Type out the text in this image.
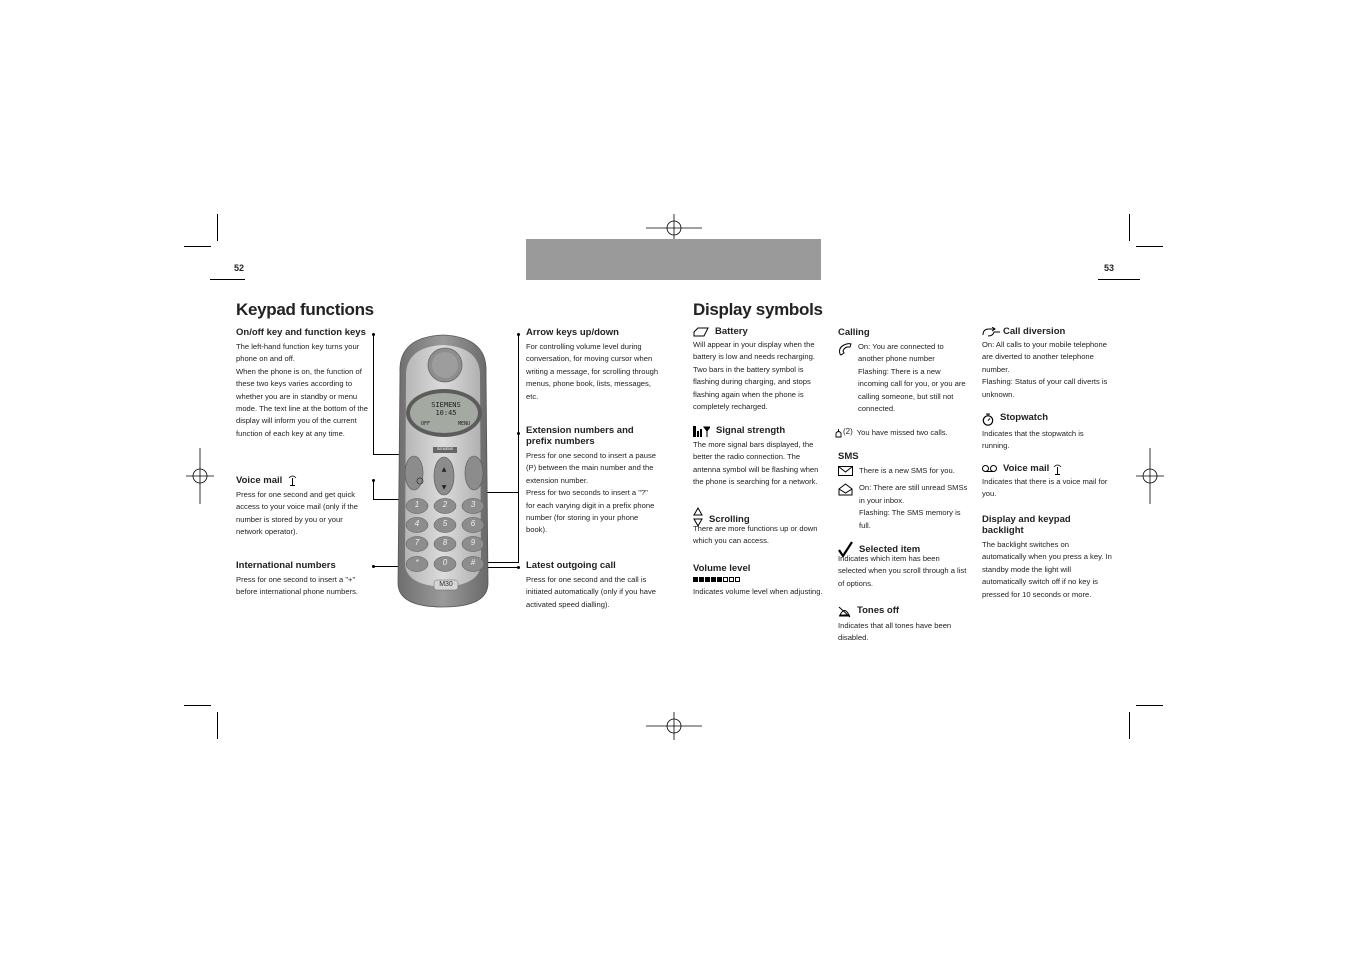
52	53
Keypad functions	Display symbols
On/off key and function keys

The left-hand function key turns your phone on and off.
When the phone is on, the function of these two keys varies according to whether you are in standby or menu mode. The text line at the bottom of the display will inform you of the current function of each key at any time.

Voice mail

Press for one second and get quick access to your voice mail (only if the number is stored by you or your network operator).

International numbers

Press for one second to insert a "+" before international phone numbers.

Arrow keys up/down

For controlling volume level during conversation, for moving cursor when writing a message, for scrolling through menus, phone book, lists, messages, etc.

Extension numbers and prefix numbers

Press for one second to insert a pause (P) between the main number and the extension number.
Press for two seconds to insert a "?" for each varying digit in a prefix phone number (for storing in your phone book).

Latest outgoing call

Press for one second and the call is initiated automatically (only if you have activated speed dialling).

▲
▼
SIEMENS
10:45
OFF	MENU
SIEMENS
M30
1	2	3
4	5	6
7	8	9
*	0	#
Battery

Will appear in your display when the battery is low and needs recharging. Two bars in the battery symbol is flashing during charging, and stops flashing again when the phone is completely recharged.

Signal strength

The more signal bars displayed, the better the radio connection. The antenna symbol will be flashing when the phone is searching for a network.

Scrolling

There are more functions up or down which you can access.

Volume level

Indicates volume level when adjusting.

Calling

On: You are connected to another phone number
Flashing: There is a new incoming call for you, or you are calling someone, but still not connected.

(2) You have missed two calls.

SMS

There is a new SMS for you.

On: There are still unread SMSs in your inbox.
Flashing: The SMS memory is full.

Selected item

Indicates which item has been selected when you scroll through a list of options.

Tones off

Indicates that all tones have been disabled.

Call diversion

On: All calls to your mobile telephone are diverted to another telephone number.
Flashing: Status of your call diverts is unknown.

Stopwatch

Indicates that the stopwatch is running.

Voice mail

Indicates that there is a voice mail for you.

Display and keypad backlight

The backlight switches on automatically when you press a key. In standby mode the light will automatically switch off if no key is pressed for 10 seconds or more.
